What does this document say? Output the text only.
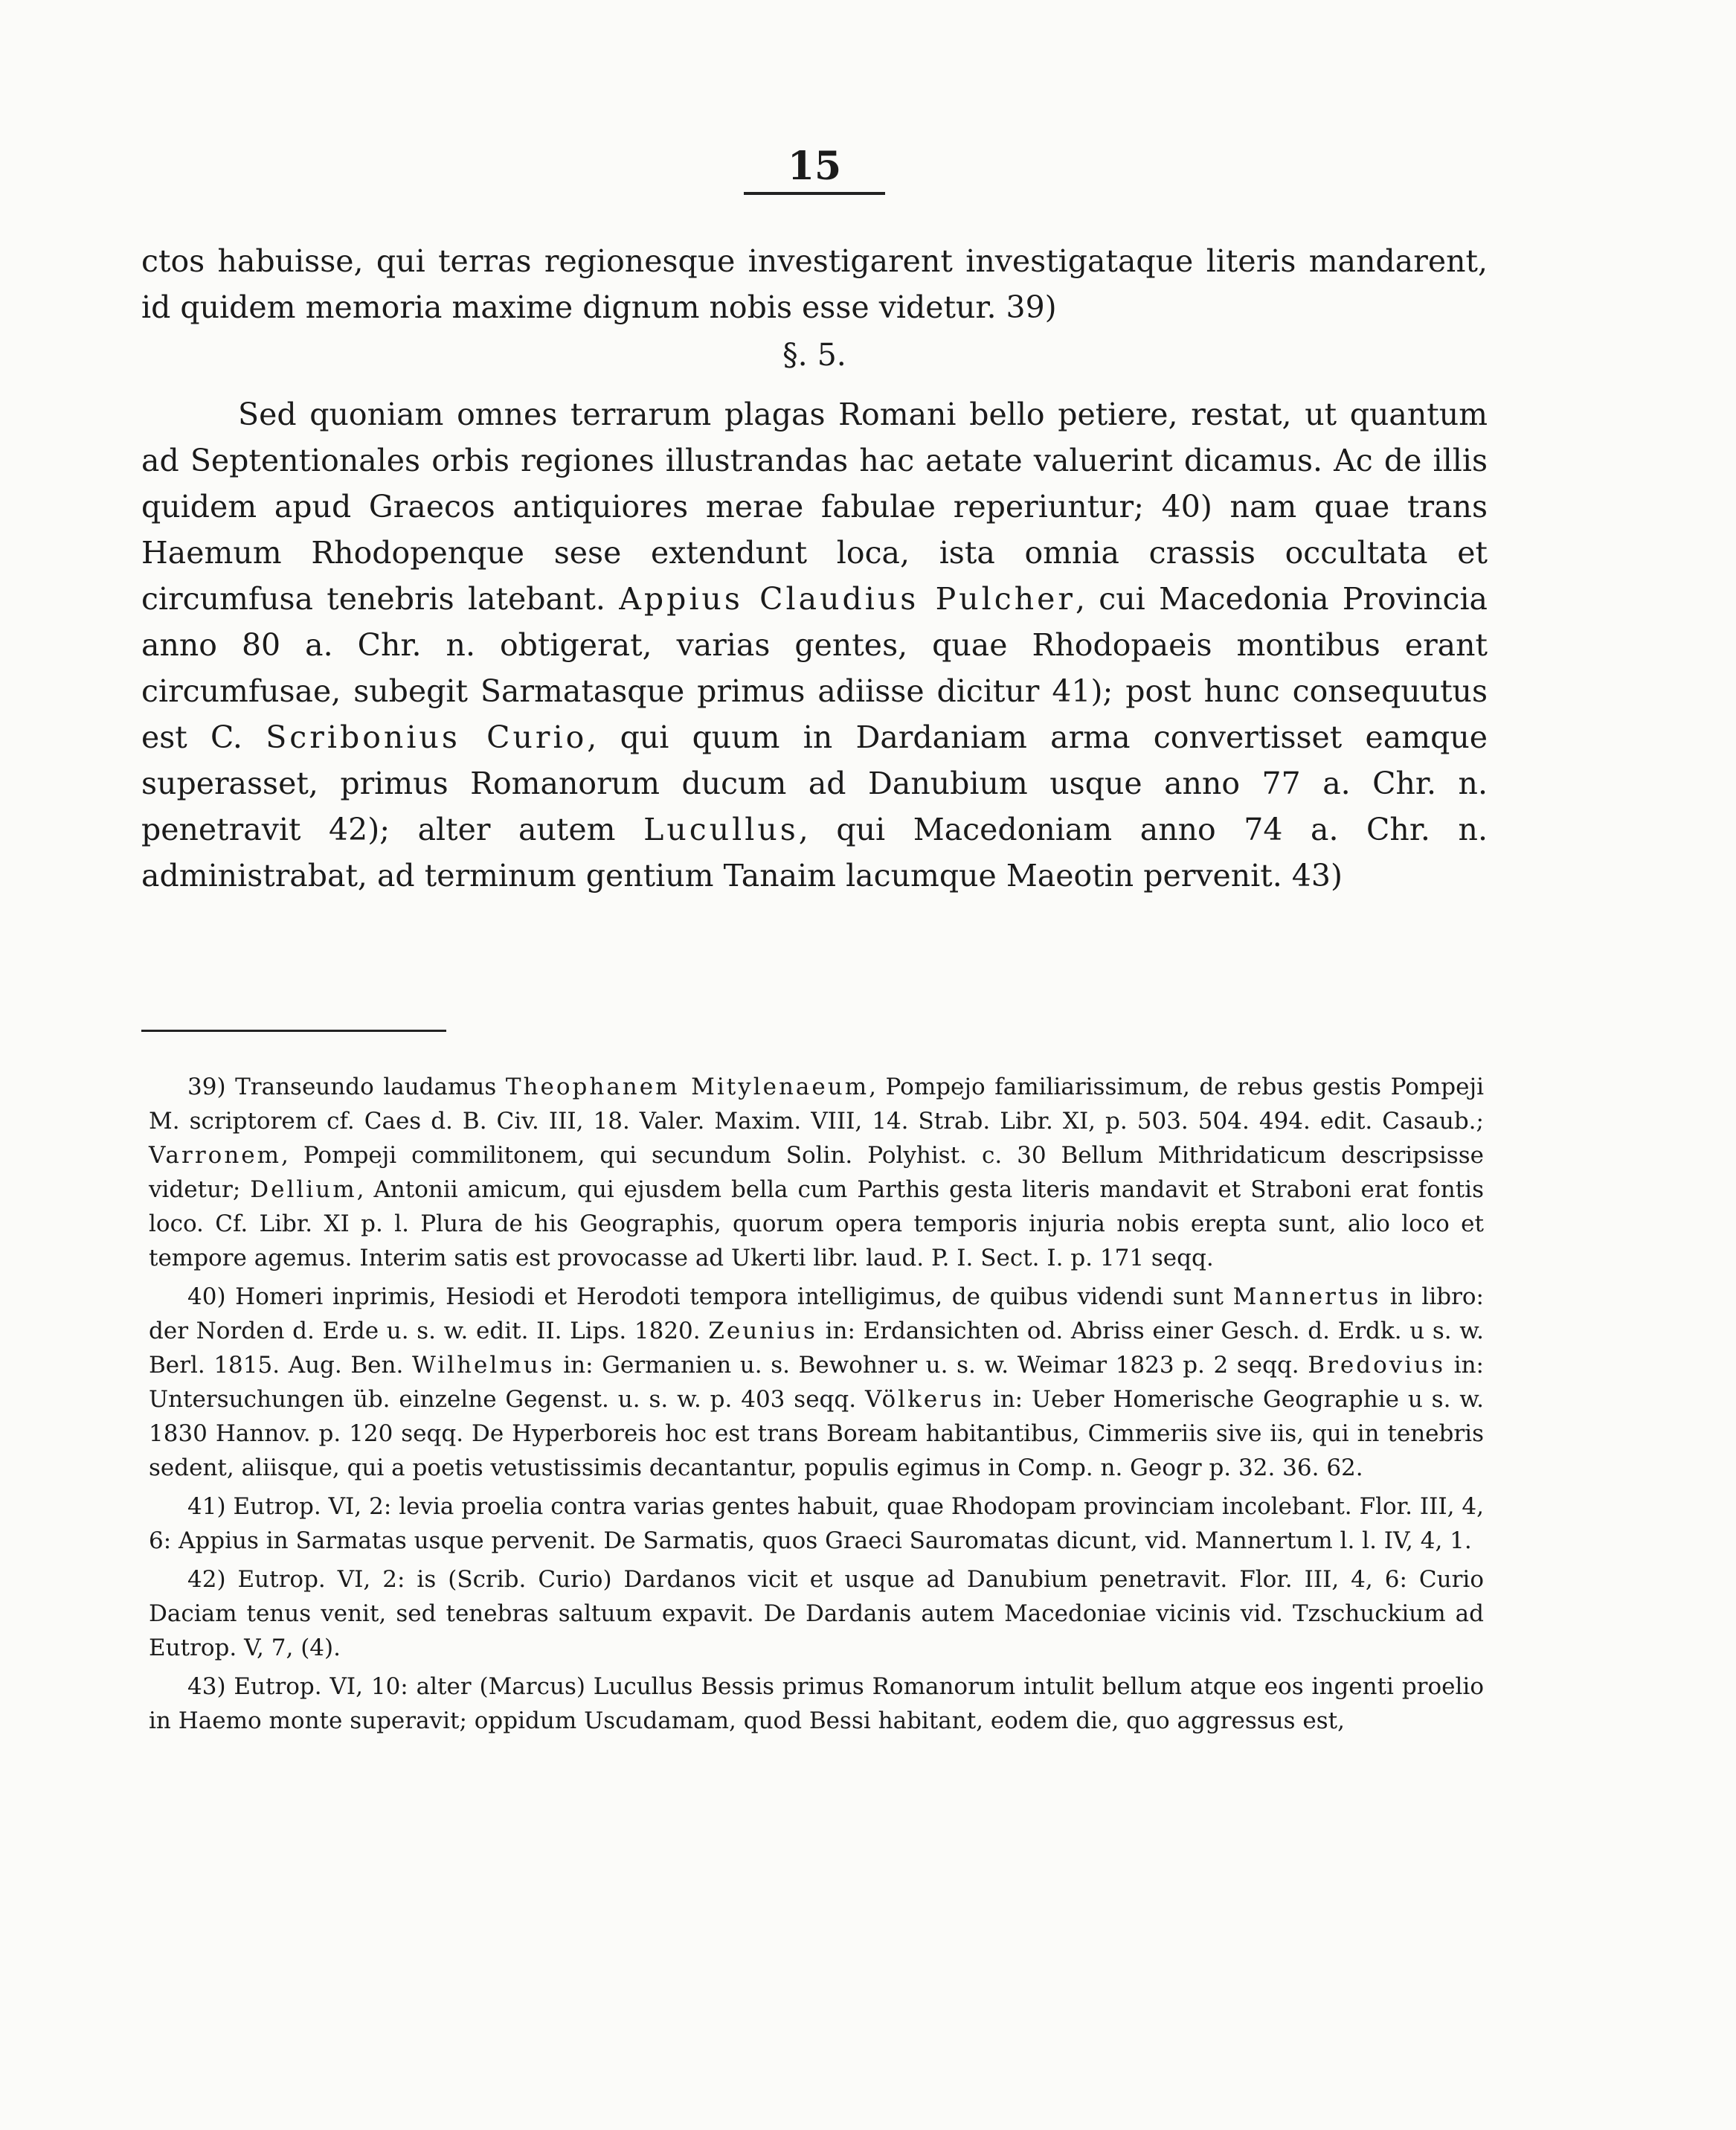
15

ctos habuisse, qui terras regionesque investigarent investigataque literis mandarent, id quidem memoria maxime dignum nobis esse videtur. 39)

§. 5.

Sed quoniam omnes terrarum plagas Romani bello petiere, restat, ut quantum ad Septentionales orbis regiones illustrandas hac aetate valuerint dicamus. Ac de illis quidem apud Graecos antiquiores merae fabulae reperiuntur; 40) nam quae trans Haemum Rhodopenque sese extendunt loca, ista omnia crassis occultata et circumfusa tenebris latebant. Appius Claudius Pulcher, cui Macedonia Provincia anno 80 a. Chr. n. obtigerat, varias gentes, quae Rhodopaeis montibus erant circumfusae, subegit Sarmatasque primus adiisse dicitur 41); post hunc consequutus est C. Scribonius Curio, qui quum in Dardaniam arma convertisset eamque superasset, primus Romanorum ducum ad Danubium usque anno 77 a. Chr. n. penetravit 42); alter autem Lucullus, qui Macedoniam anno 74 a. Chr. n. administrabat, ad terminum gentium Tanaim lacumque Maeotin pervenit. 43)

39) Transeundo laudamus Theophanem Mitylenaeum, Pompejo familiarissimum, de rebus gestis Pompeji M. scriptorem cf. Caes d. B. Civ. III, 18. Valer. Maxim. VIII, 14. Strab. Libr. XI, p. 503. 504. 494. edit. Casaub.; Varronem, Pompeji commilitonem, qui secundum Solin. Polyhist. c. 30 Bellum Mithridaticum descripsisse videtur; Dellium, Antonii amicum, qui ejusdem bella cum Parthis gesta literis mandavit et Straboni erat fontis loco. Cf. Libr. XI p. l. Plura de his Geographis, quorum opera temporis injuria nobis erepta sunt, alio loco et tempore agemus. Interim satis est provocasse ad Ukerti libr. laud. P. I. Sect. I. p. 171 seqq.

40) Homeri inprimis, Hesiodi et Herodoti tempora intelligimus, de quibus videndi sunt Mannertus in libro: der Norden d. Erde u. s. w. edit. II. Lips. 1820. Zeunius in: Erdansichten od. Abriss einer Gesch. d. Erdk. u s. w. Berl. 1815. Aug. Ben. Wilhelmus in: Germanien u. s. Bewohner u. s. w. Weimar 1823 p. 2 seqq. Bredovius in: Untersuchungen üb. einzelne Gegenst. u. s. w. p. 403 seqq. Völkerus in: Ueber Homerische Geographie u s. w. 1830 Hannov. p. 120 seqq. De Hyperboreis hoc est trans Boream habitantibus, Cimmeriis sive iis, qui in tenebris sedent, aliisque, qui a poetis vetustissimis decantantur, populis egimus in Comp. n. Geogr p. 32. 36. 62.

41) Eutrop. VI, 2: levia proelia contra varias gentes habuit, quae Rhodopam provinciam incolebant. Flor. III, 4, 6: Appius in Sarmatas usque pervenit. De Sarmatis, quos Graeci Sauromatas dicunt, vid. Mannertum l. l. IV, 4, 1.

42) Eutrop. VI, 2: is (Scrib. Curio) Dardanos vicit et usque ad Danubium penetravit. Flor. III, 4, 6: Curio Daciam tenus venit, sed tenebras saltuum expavit. De Dardanis autem Macedoniae vicinis vid. Tzschuckium ad Eutrop. V, 7, (4).

43) Eutrop. VI, 10: alter (Marcus) Lucullus Bessis primus Romanorum intulit bellum atque eos ingenti proelio in Haemo monte superavit; oppidum Uscudamam, quod Bessi habitant, eodem die, quo aggressus est,
